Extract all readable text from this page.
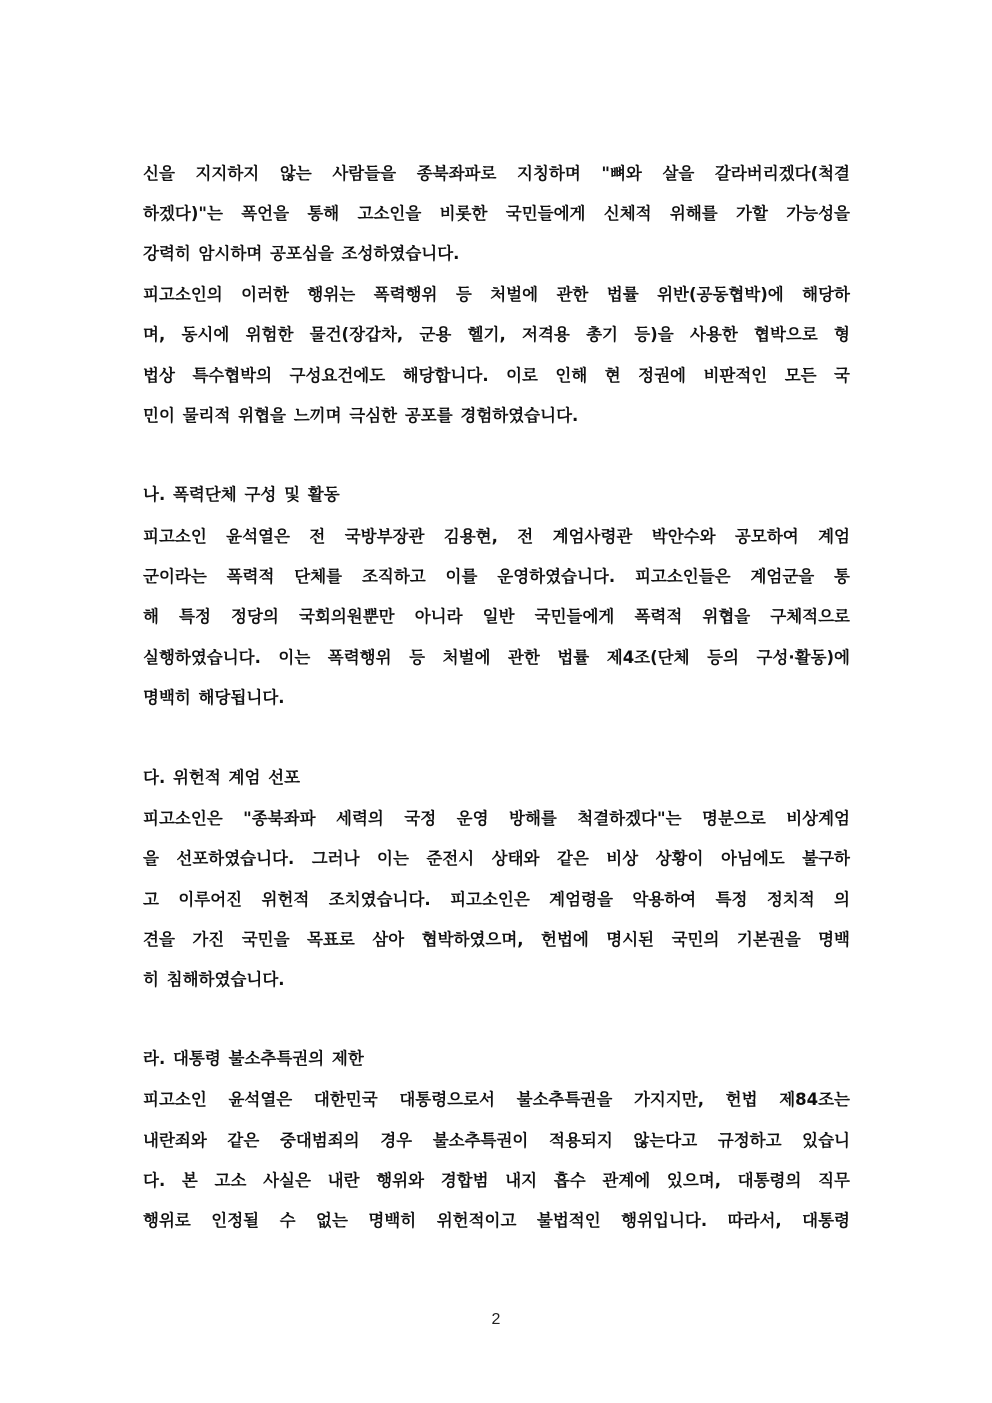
신을 지지하지 않는 사람들을 종북좌파로 지칭하며 "뼈와 살을 갈라버리겠다(척결
하겠다)"는 폭언을 통해 고소인을 비롯한 국민들에게 신체적 위해를 가할 가능성을
강력히 암시하며 공포심을 조성하였습니다.
피고소인의 이러한 행위는 폭력행위 등 처벌에 관한 법률 위반(공동협박)에 해당하
며, 동시에 위험한 물건(장갑차, 군용 헬기, 저격용 총기 등)을 사용한 협박으로 형
법상 특수협박의 구성요건에도 해당합니다. 이로 인해 현 정권에 비판적인 모든 국
민이 물리적 위협을 느끼며 극심한 공포를 경험하였습니다.
나. 폭력단체 구성 및 활동
피고소인 윤석열은 전 국방부장관 김용현, 전 계엄사령관 박안수와 공모하여 계엄
군이라는 폭력적 단체를 조직하고 이를 운영하였습니다. 피고소인들은 계엄군을 통
해 특정 정당의 국회의원뿐만 아니라 일반 국민들에게 폭력적 위협을 구체적으로
실행하였습니다. 이는 폭력행위 등 처벌에 관한 법률 제4조(단체 등의 구성·활동)에
명백히 해당됩니다.
다. 위헌적 계엄 선포
피고소인은 "종북좌파 세력의 국정 운영 방해를 척결하겠다"는 명분으로 비상계엄
을 선포하였습니다. 그러나 이는 준전시 상태와 같은 비상 상황이 아님에도 불구하
고 이루어진 위헌적 조치였습니다. 피고소인은 계엄령을 악용하여 특정 정치적 의
견을 가진 국민을 목표로 삼아 협박하였으며, 헌법에 명시된 국민의 기본권을 명백
히 침해하였습니다.
라. 대통령 불소추특권의 제한
피고소인 윤석열은 대한민국 대통령으로서 불소추특권을 가지지만, 헌법 제84조는
내란죄와 같은 중대범죄의 경우 불소추특권이 적용되지 않는다고 규정하고 있습니
다. 본 고소 사실은 내란 행위와 경합범 내지 흡수 관계에 있으며, 대통령의 직무
행위로 인정될 수 없는 명백히 위헌적이고 불법적인 행위입니다. 따라서, 대통령
2
